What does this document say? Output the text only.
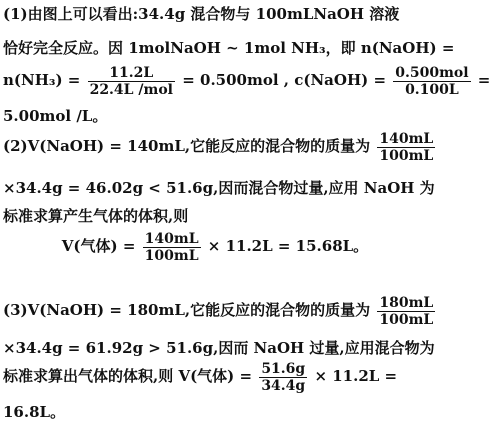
(1)由图上可以看出:34.4g 混合物与 100mLNaOH 溶液
恰好完全反应。因 1molNaOH ~ 1mol NH₃，即 n(NaOH) =
$n(NH_3) = \frac{11.2L}{\text{22.4L /mol}} = 0.500mol$ , c(NaOH) = $\frac{\text{0.500mol}}{0.100L}$ =
5.00mol /L。
(2)V(NaOH) = 140mL,它能反应的混合物的质量为 $\frac{140mL}{100mL}$
×34.4g = 46.02g < 51.6g,因而混合物过量,应用 NaOH 为
标准求算产生气体的体积,则
V(气体) = $\frac{140mL}{100mL} \times 11.2L = 15.68L$。
(3)V(NaOH) = 180mL,它能反应的混合物的质量为 $\frac{180mL}{100mL}$
×34.4g = 61.92g > 51.6g,因而 NaOH 过量,应用混合物为
标准求算出气体的体积,则 V(气体) = $\frac{51.6g}{34.4g} \times 11.2L$ =
16.8L。
